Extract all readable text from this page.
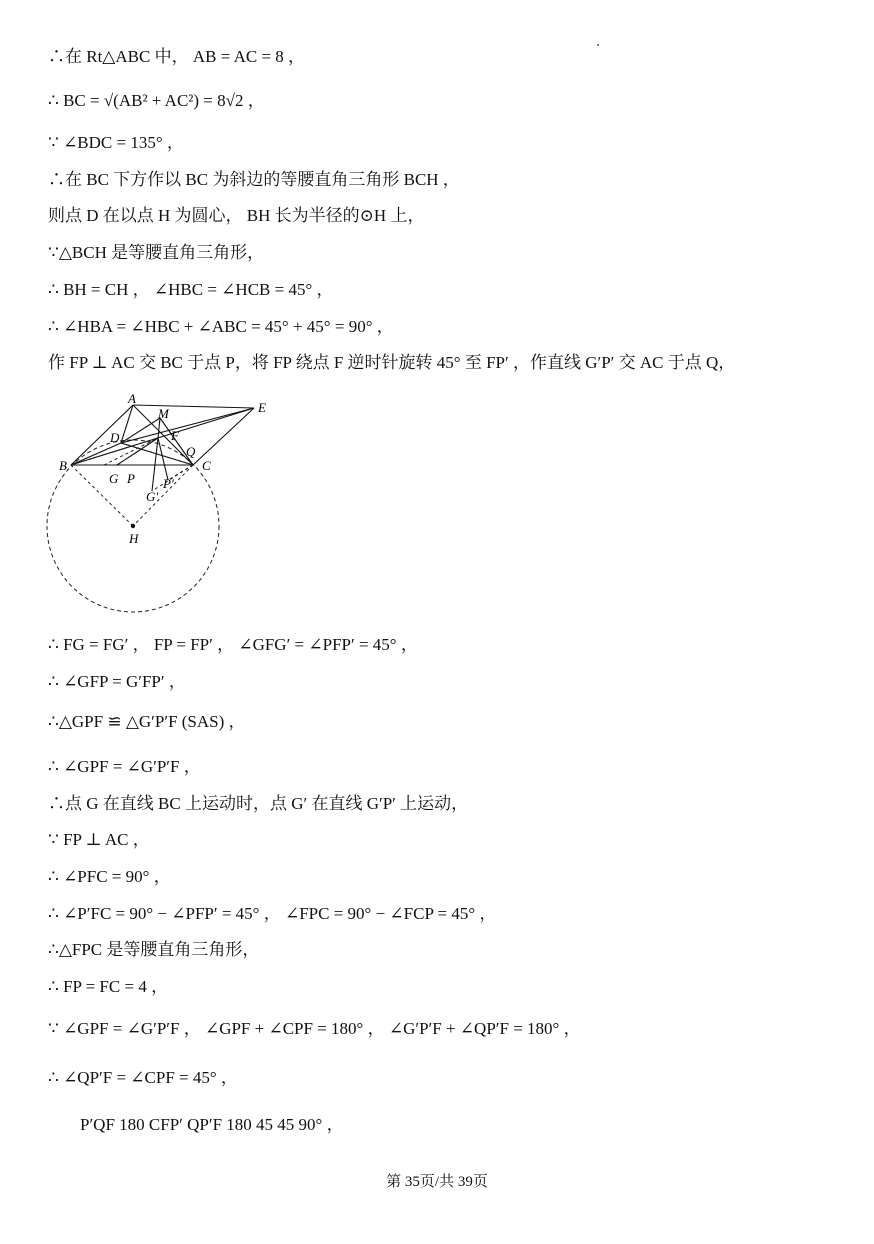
∴在 Rt△ABC 中， AB = AC = 8 ，
∴ BC = √(AB² + AC²) = 8√2 ，
∵ ∠BDC = 135° ，
∴在 BC 下方作以 BC 为斜边的等腰直角三角形 BCH ，
则点 D 在以点 H 为圆心， BH 长为半径的⊙H 上，
∵△BCH 是等腰直角三角形，
∴ BH = CH ， ∠HBC = ∠HCB = 45° ，
∴ ∠HBA = ∠HBC + ∠ABC = 45° + 45° = 90° ，
作 FP ⊥ AC 交 BC 于点 P，将 FP 绕点 F 逆时针旋转 45° 至 FP′ ，作直线 G′P′ 交 AC 于点 Q，
∴ FG = FG′ ， FP = FP′ ， ∠GFG′ = ∠PFP′ = 45° ，
∴ ∠GFP = G′FP′ ，
∴△GPF ≌ △G′P′F (SAS) ，
∴ ∠GPF = ∠G′P′F ，
∴点 G 在直线 BC 上运动时，点 G′ 在直线 G′P′ 上运动，
∵ FP ⊥ AC ，
∴ ∠PFC = 90° ，
∴ ∠P′FC = 90° − ∠PFP′ = 45° ， ∠FPC = 90° − ∠FCP = 45° ，
∴△FPC 是等腰直角三角形，
∴ FP = FC = 4 ，
∵ ∠GPF = ∠G′P′F ， ∠GPF + ∠CPF = 180° ， ∠G′P′F + ∠QP′F = 180° ，
∴ ∠QP′F = ∠CPF = 45° ，
P′QF 180 CFP′ QP′F 180 45 45 90° ，
A
M	E
D	F
B
Q
C
G P P′
G′
H
第 35页/共 39页
